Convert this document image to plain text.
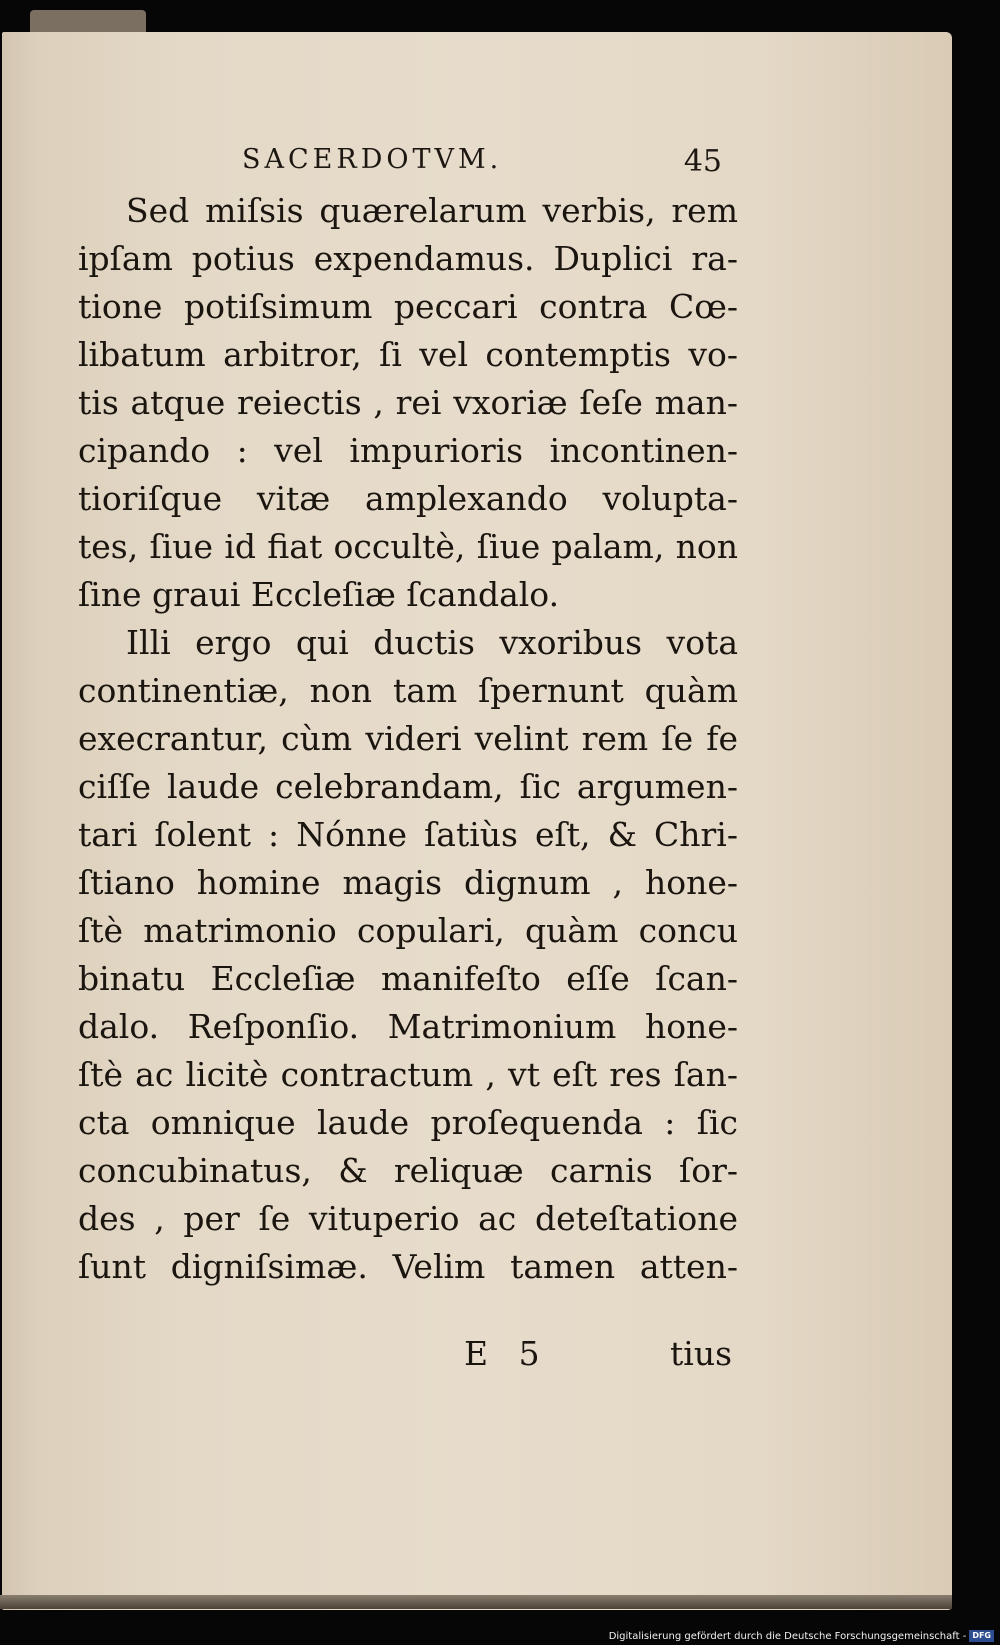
SACERDOTVM.	45
Sed miſsis quærelarum verbis, rem
ipſam potius expendamus. Duplici ra-
tione potiſsimum peccari contra Cœ-
libatum arbitror, ſi vel contemptis vo-
tis atque reiectis , rei vxoriæ ſeſe man-
cipando : vel impurioris incontinen-
tioriſque vitæ amplexando volupta-
tes, ſiue id fiat occultè, ſiue palam, non
ſine graui Eccleſiæ ſcandalo.
Illi ergo qui ductis vxoribus vota
continentiæ, non tam ſpernunt quàm
execrantur, cùm videri velint rem ſe fe
ciſſe laude celebrandam, ſic argumen-
tari ſolent : Nónne ſatiùs eſt, & Chri-
ſtiano homine magis dignum , hone-
ſtè matrimonio copulari, quàm concu
binatu Eccleſiæ manifeſto eſſe ſcan-
dalo. Reſponſio. Matrimonium hone-
ſtè ac licitè contractum , vt eſt res ſan-
cta omnique laude proſequenda : ſic
concubinatus, & reliquæ carnis ſor-
des , per ſe vituperio ac deteſtatione
ſunt digniſsimæ. Velim tamen atten-
E 5	tius
Digitalisierung gefördert durch die Deutsche Forschungsgemeinschaft - DFG
